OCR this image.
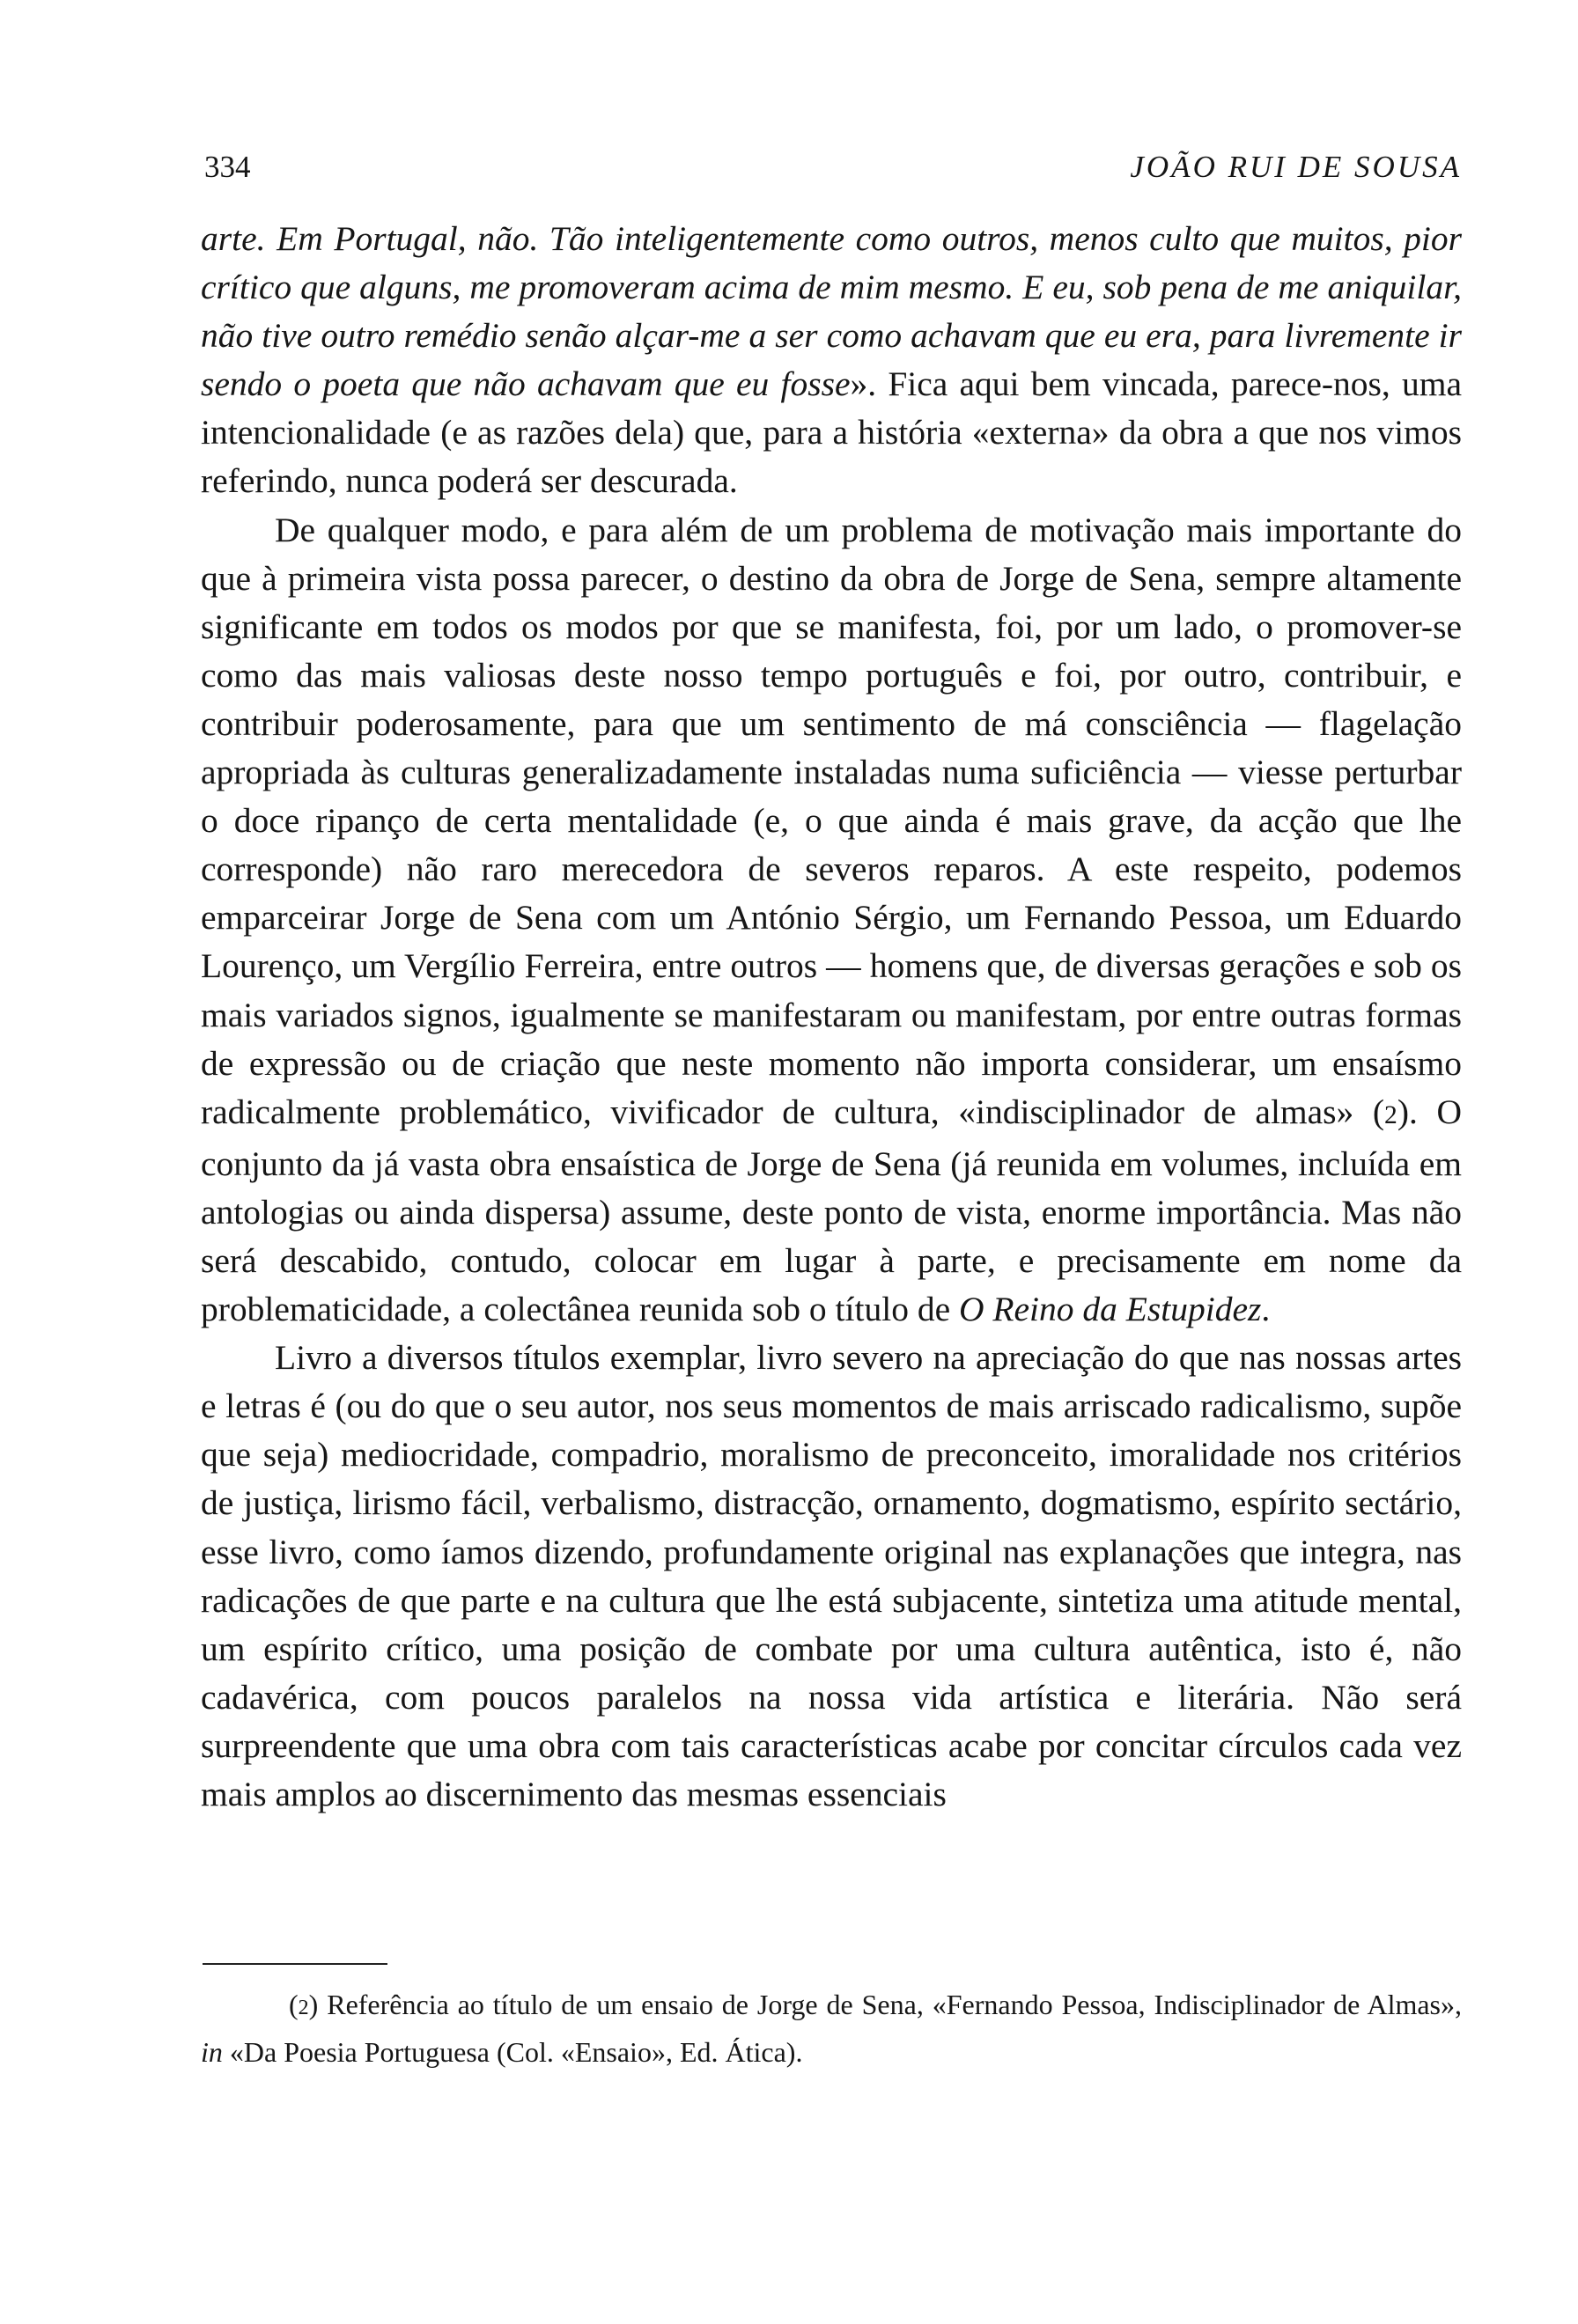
334	JOÃO RUI DE SOUSA

arte. Em Portugal, não. Tão inteligentemente como outros, menos culto que muitos, pior crítico que alguns, me promoveram acima de mim mesmo. E eu, sob pena de me aniquilar, não tive outro remédio senão alçar-me a ser como achavam que eu era, para livremente ir sendo o poeta que não achavam que eu fosse». Fica aqui bem vincada, parece-nos, uma intencionalidade (e as razões dela) que, para a história «externa» da obra a que nos vimos referindo, nunca poderá ser descurada.

De qualquer modo, e para além de um problema de motivação mais importante do que à primeira vista possa parecer, o destino da obra de Jorge de Sena, sempre altamente significante em todos os modos por que se manifesta, foi, por um lado, o promover-se como das mais valiosas deste nosso tempo português e foi, por outro, contribuir, e contribuir poderosamente, para que um sentimento de má consciência — flagelação apropriada às culturas generalizadamente instaladas numa suficiência — viesse perturbar o doce ripanço de certa mentalidade (e, o que ainda é mais grave, da acção que lhe corresponde) não raro merecedora de severos reparos. A este respeito, podemos emparceirar Jorge de Sena com um António Sérgio, um Fernando Pessoa, um Eduardo Lourenço, um Vergílio Ferreira, entre outros — homens que, de diversas gerações e sob os mais variados signos, igualmente se manifestaram ou manifestam, por entre outras formas de expressão ou de criação que neste momento não importa considerar, um ensaísmo radicalmente problemático, vivificador de cultura, «indisciplinador de almas» (2). O conjunto da já vasta obra ensaística de Jorge de Sena (já reunida em volumes, incluída em antologias ou ainda dispersa) assume, deste ponto de vista, enorme importância. Mas não será descabido, contudo, colocar em lugar à parte, e precisamente em nome da problematicidade, a colectânea reunida sob o título de O Reino da Estupidez.

Livro a diversos títulos exemplar, livro severo na apreciação do que nas nossas artes e letras é (ou do que o seu autor, nos seus momentos de mais arriscado radicalismo, supõe que seja) mediocridade, compadrio, moralismo de preconceito, imoralidade nos critérios de justiça, lirismo fácil, verbalismo, distracção, ornamento, dogmatismo, espírito sectário, esse livro, como íamos dizendo, profundamente original nas explanações que integra, nas radicações de que parte e na cultura que lhe está subjacente, sintetiza uma atitude mental, um espírito crítico, uma posição de combate por uma cultura autêntica, isto é, não cadavérica, com poucos paralelos na nossa vida artística e literária. Não será surpreendente que uma obra com tais características acabe por concitar círculos cada vez mais amplos ao discernimento das mesmas essenciais

(2) Referência ao título de um ensaio de Jorge de Sena, «Fernando Pessoa, Indisciplinador de Almas», in «Da Poesia Portuguesa (Col. «Ensaio», Ed. Ática).
